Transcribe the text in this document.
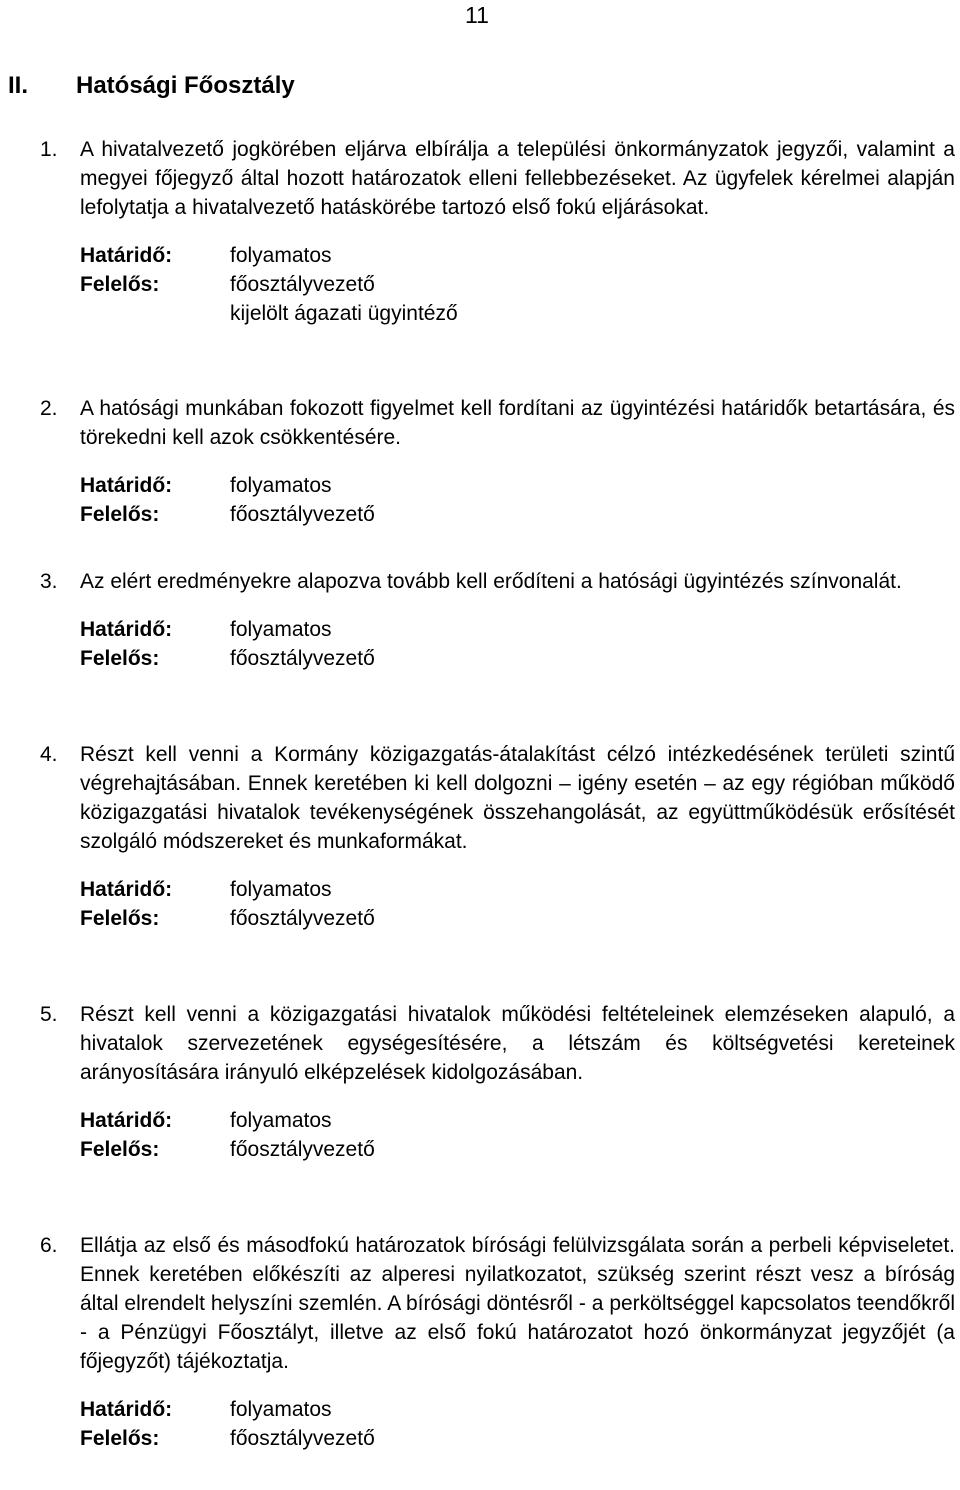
11
II. Hatósági Főosztály
1. A hivatalvezető jogkörében eljárva elbírálja a települési önkormányzatok jegyzői, valamint a megyei főjegyző által hozott határozatok elleni fellebbezéseket. Az ügyfelek kérelmei alapján lefolytatja a hivatalvezető hatáskörébe tartozó első fokú eljárásokat.
Határidő:	folyamatos
Felelős:	főosztályvezető
kijelölt ágazati ügyintéző
2. A hatósági munkában fokozott figyelmet kell fordítani az ügyintézési határidők betartására, és törekedni kell azok csökkentésére.
Határidő:	folyamatos
Felelős:	főosztályvezető
3. Az elért eredményekre alapozva tovább kell erődíteni a hatósági ügyintézés színvonalát.
Határidő:	folyamatos
Felelős:	főosztályvezető
4. Részt kell venni a Kormány közigazgatás-átalakítást célzó intézkedésének területi szintű végrehajtásában. Ennek keretében ki kell dolgozni – igény esetén – az egy régióban működő közigazgatási hivatalok tevékenységének összehangolását, az együttműködésük erősítését szolgáló módszereket és munkaformákat.
Határidő:	folyamatos
Felelős:	főosztályvezető
5. Részt kell venni a közigazgatási hivatalok működési feltételeinek elemzéseken alapuló, a hivatalok szervezetének egységesítésére, a létszám és költségvetési kereteinek arányosítására irányuló elképzelések kidolgozásában.
Határidő:	folyamatos
Felelős:	főosztályvezető
6. Ellátja az első és másodfokú határozatok bírósági felülvizsgálata során a perbeli képviseletet. Ennek keretében előkészíti az alperesi nyilatkozatot, szükség szerint részt vesz a bíróság által elrendelt helyszíni szemlén. A bírósági döntésről - a perköltséggel kapcsolatos teendőkről - a Pénzügyi Főosztályt, illetve az első fokú határozatot hozó önkormányzat jegyzőjét (a főjegyzőt) tájékoztatja.
Határidő:	folyamatos
Felelős:	főosztályvezető
